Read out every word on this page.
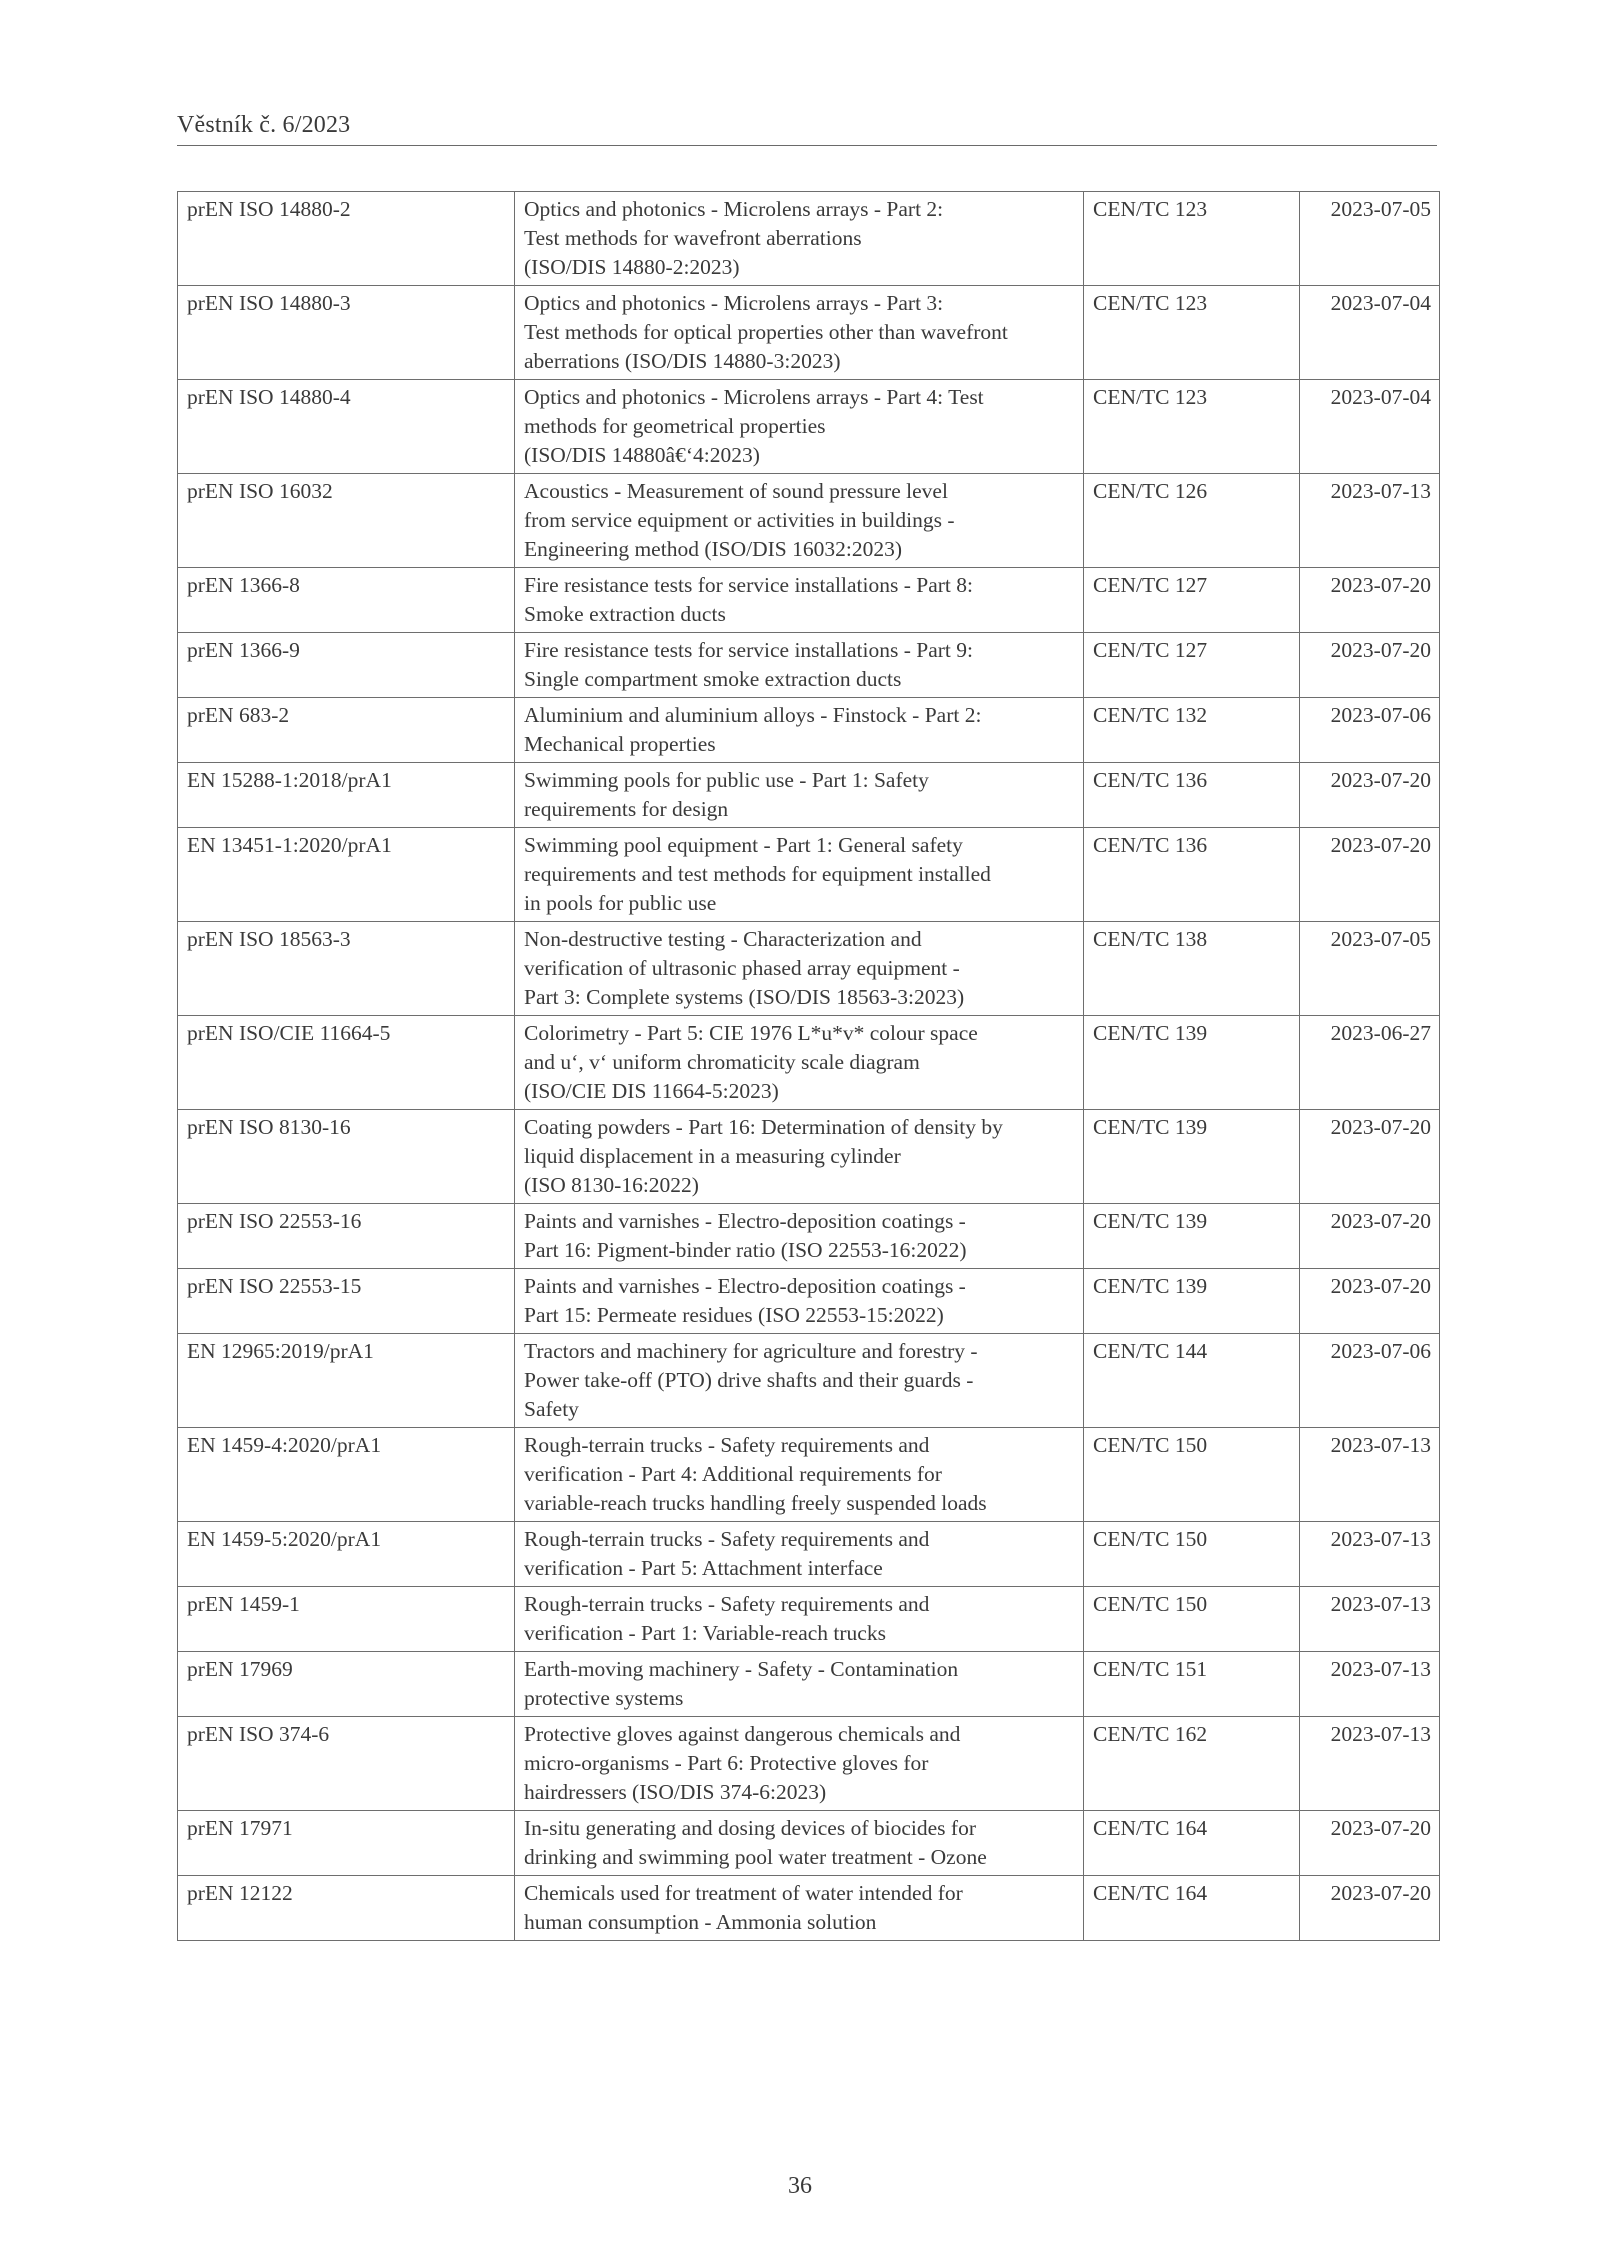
Věstník č. 6/2023
prEN ISO 14880-2	Optics and photonics - Microlens arrays - Part 2:
Test methods for wavefront aberrations
(ISO/DIS 14880-2:2023)	CEN/TC 123	2023-07-05
prEN ISO 14880-3	Optics and photonics - Microlens arrays - Part 3:
Test methods for optical properties other than wavefront
aberrations (ISO/DIS 14880-3:2023)	CEN/TC 123	2023-07-04
prEN ISO 14880-4	Optics and photonics - Microlens arrays - Part 4: Test
methods for geometrical properties
(ISO/DIS 14880â€‘4:2023)	CEN/TC 123	2023-07-04
prEN ISO 16032	Acoustics - Measurement of sound pressure level
from service equipment or activities in buildings -
Engineering method (ISO/DIS 16032:2023)	CEN/TC 126	2023-07-13
prEN 1366-8	Fire resistance tests for service installations - Part 8:
Smoke extraction ducts	CEN/TC 127	2023-07-20
prEN 1366-9	Fire resistance tests for service installations - Part 9:
Single compartment smoke extraction ducts	CEN/TC 127	2023-07-20
prEN 683-2	Aluminium and aluminium alloys - Finstock - Part 2:
Mechanical properties	CEN/TC 132	2023-07-06
EN 15288-1:2018/prA1	Swimming pools for public use - Part 1: Safety
requirements for design	CEN/TC 136	2023-07-20
EN 13451-1:2020/prA1	Swimming pool equipment - Part 1: General safety
requirements and test methods for equipment installed
in pools for public use	CEN/TC 136	2023-07-20
prEN ISO 18563-3	Non-destructive testing - Characterization and
verification of ultrasonic phased array equipment -
Part 3: Complete systems (ISO/DIS 18563-3:2023)	CEN/TC 138	2023-07-05
prEN ISO/CIE 11664-5	Colorimetry - Part 5: CIE 1976 L*u*v* colour space
and u‘, v‘ uniform chromaticity scale diagram
(ISO/CIE DIS 11664-5:2023)	CEN/TC 139	2023-06-27
prEN ISO 8130-16	Coating powders - Part 16: Determination of density by
liquid displacement in a measuring cylinder
(ISO 8130-16:2022)	CEN/TC 139	2023-07-20
prEN ISO 22553-16	Paints and varnishes - Electro-deposition coatings -
Part 16: Pigment-binder ratio (ISO 22553-16:2022)	CEN/TC 139	2023-07-20
prEN ISO 22553-15	Paints and varnishes - Electro-deposition coatings -
Part 15: Permeate residues (ISO 22553-15:2022)	CEN/TC 139	2023-07-20
EN 12965:2019/prA1	Tractors and machinery for agriculture and forestry -
Power take-off (PTO) drive shafts and their guards -
Safety	CEN/TC 144	2023-07-06
EN 1459-4:2020/prA1	Rough-terrain trucks - Safety requirements and
verification - Part 4: Additional requirements for
variable-reach trucks handling freely suspended loads	CEN/TC 150	2023-07-13
EN 1459-5:2020/prA1	Rough-terrain trucks - Safety requirements and
verification - Part 5: Attachment interface	CEN/TC 150	2023-07-13
prEN 1459-1	Rough-terrain trucks - Safety requirements and
verification - Part 1: Variable-reach trucks	CEN/TC 150	2023-07-13
prEN 17969	Earth-moving machinery - Safety - Contamination
protective systems	CEN/TC 151	2023-07-13
prEN ISO 374-6	Protective gloves against dangerous chemicals and
micro-organisms - Part 6: Protective gloves for
hairdressers (ISO/DIS 374-6:2023)	CEN/TC 162	2023-07-13
prEN 17971	In-situ generating and dosing devices of biocides for
drinking and swimming pool water treatment - Ozone	CEN/TC 164	2023-07-20
prEN 12122	Chemicals used for treatment of water intended for
human consumption - Ammonia solution	CEN/TC 164	2023-07-20
36
